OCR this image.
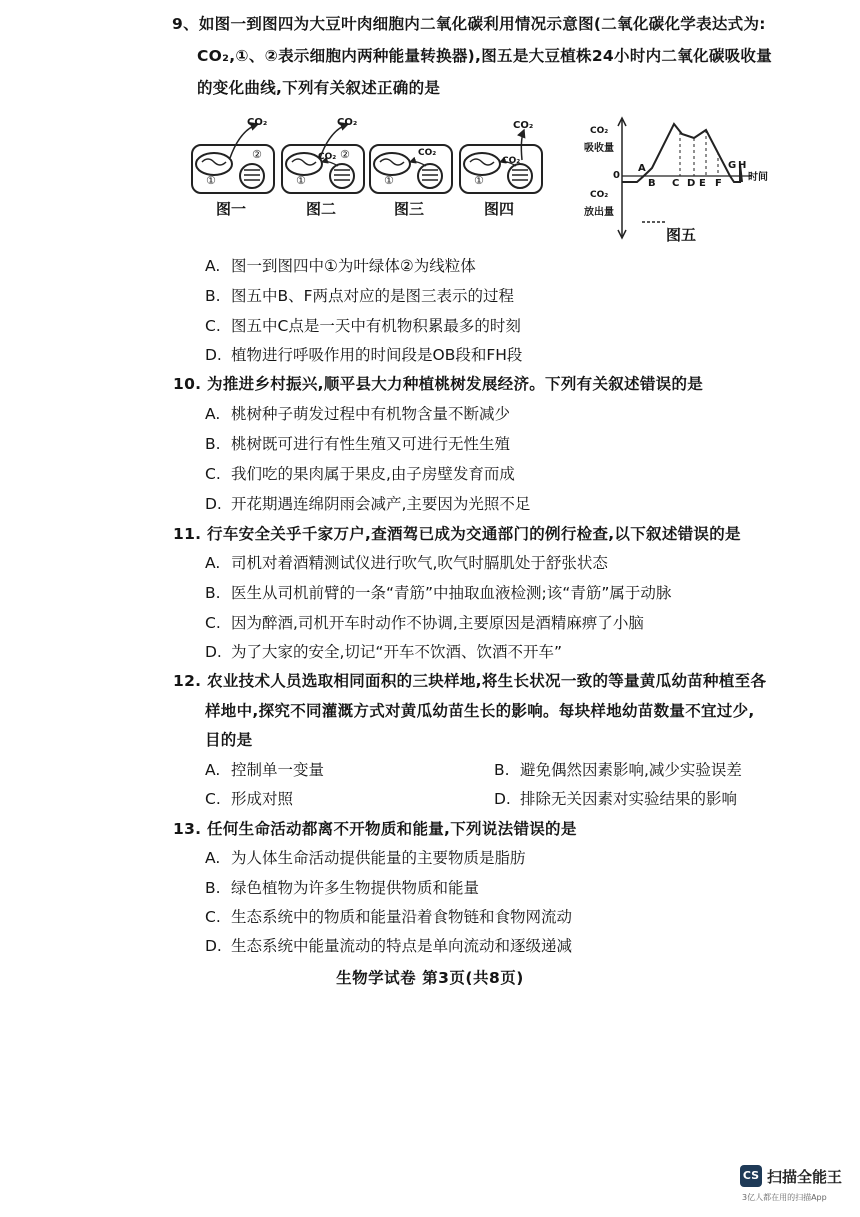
9、如图一到图四为大豆叶肉细胞内二氧化碳利用情况示意图(二氧化碳化学表达式为:
CO₂,①、②表示细胞内两种能量转换器),图五是大豆植株24小时内二氧化碳吸收量
的变化曲线,下列有关叙述正确的是
CO₂	CO₂
CO₂	CO₂
CO₂
CO₂
①
②
①
②
①	①
图一	图二	图三	图四
CO₂
吸收量
CO₂
放出量
0
A
B C D E F
G H
时间
图五
A. 图一到图四中①为叶绿体②为线粒体
B. 图五中B、F两点对应的是图三表示的过程
C. 图五中C点是一天中有机物积累最多的时刻
D. 植物进行呼吸作用的时间段是OB段和FH段
10. 为推进乡村振兴,顺平县大力种植桃树发展经济。下列有关叙述错误的是
A. 桃树种子萌发过程中有机物含量不断减少
B. 桃树既可进行有性生殖又可进行无性生殖
C. 我们吃的果肉属于果皮,由子房壁发育而成
D. 开花期遇连绵阴雨会减产,主要因为光照不足
11. 行车安全关乎千家万户,查酒驾已成为交通部门的例行检查,以下叙述错误的是
A. 司机对着酒精测试仪进行吹气,吹气时膈肌处于舒张状态
B. 医生从司机前臂的一条“青筋”中抽取血液检测;该“青筋”属于动脉
C. 因为醉酒,司机开车时动作不协调,主要原因是酒精麻痹了小脑
D. 为了大家的安全,切记“开车不饮酒、饮酒不开车”
12. 农业技术人员选取相同面积的三块样地,将生长状况一致的等量黄瓜幼苗种植至各
样地中,探究不同灌溉方式对黄瓜幼苗生长的影响。每块样地幼苗数量不宜过少,
目的是
A. 控制单一变量	B. 避免偶然因素影响,减少实验误差
C. 形成对照	D. 排除无关因素对实验结果的影响
13. 任何生命活动都离不开物质和能量,下列说法错误的是
A. 为人体生命活动提供能量的主要物质是脂肪
B. 绿色植物为许多生物提供物质和能量
C. 生态系统中的物质和能量沿着食物链和食物网流动
D. 生态系统中能量流动的特点是单向流动和逐级递减
生物学试卷 第3页(共8页)
CS 扫描全能王
3亿人都在用的扫描App
